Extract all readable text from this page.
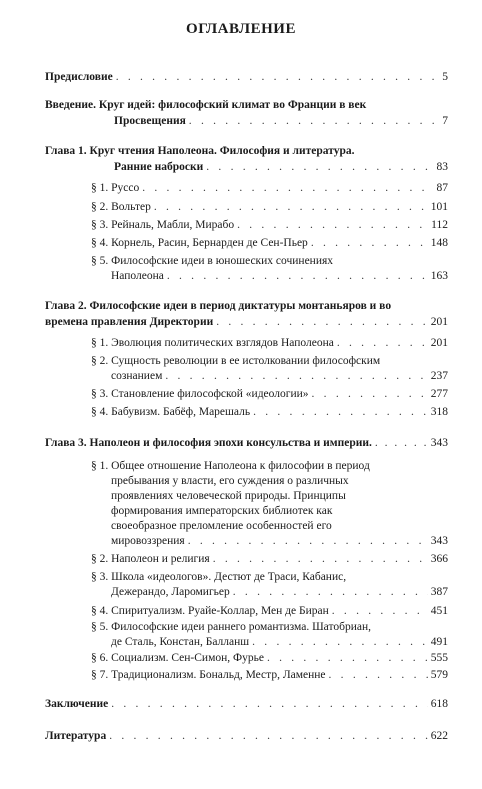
ОГЛАВЛЕНИЕ
Предисловие . . .	5
Введение. Круг идей: философский климат во Франции в век
Просвещения . . .	7
Глава 1. Круг чтения Наполеона. Философия и литература.
Ранние наброски . . .	83
§ 1. Руссо . . .	87
§ 2. Вольтер . . .	101
§ 3. Рейналь, Мабли, Мирабо . . .	112
§ 4. Корнель, Расин, Бернарден де Сен-Пьер . . .	148
§ 5. Философские идеи в юношеских сочинениях
Наполеона . . .	163
Глава 2. Философские идеи в период диктатуры монтаньяров и во
времена правления Директории . . .	201
§ 1. Эволюция политических взглядов Наполеона . . .	201
§ 2. Сущность революции в ее истолковании философским
сознанием . . .	237
§ 3. Становление философской «идеологии» . . .	277
§ 4. Бабувизм. Бабёф, Марешаль . . .	318
Глава 3. Наполеон и философия эпохи консульства и империи. . . .	343
§ 1. Общее отношение Наполеона к философии в период
пребывания у власти, его суждения о различных
проявлениях человеческой природы. Принципы
формирования императорских библиотек как
своеобразное преломление особенностей его
мировоззрения . . .	343
§ 2. Наполеон и религия . . .	366
§ 3. Школа «идеологов». Дестют де Траси, Кабанис,
Дежерандо, Ларомигьер . . .	387
§ 4. Спиритуализм. Руайе-Коллар, Мен де Биран . . .	451
§ 5. Философские идеи раннего романтизма. Шатобриан,
де Сталь, Констан, Балланш . . .	491
§ 6. Социализм. Сен-Симон, Фурье . . .	555
§ 7. Традиционализм. Бональд, Местр, Ламенне . . .	579
Заключение . . .	618
Литература . . .	622
